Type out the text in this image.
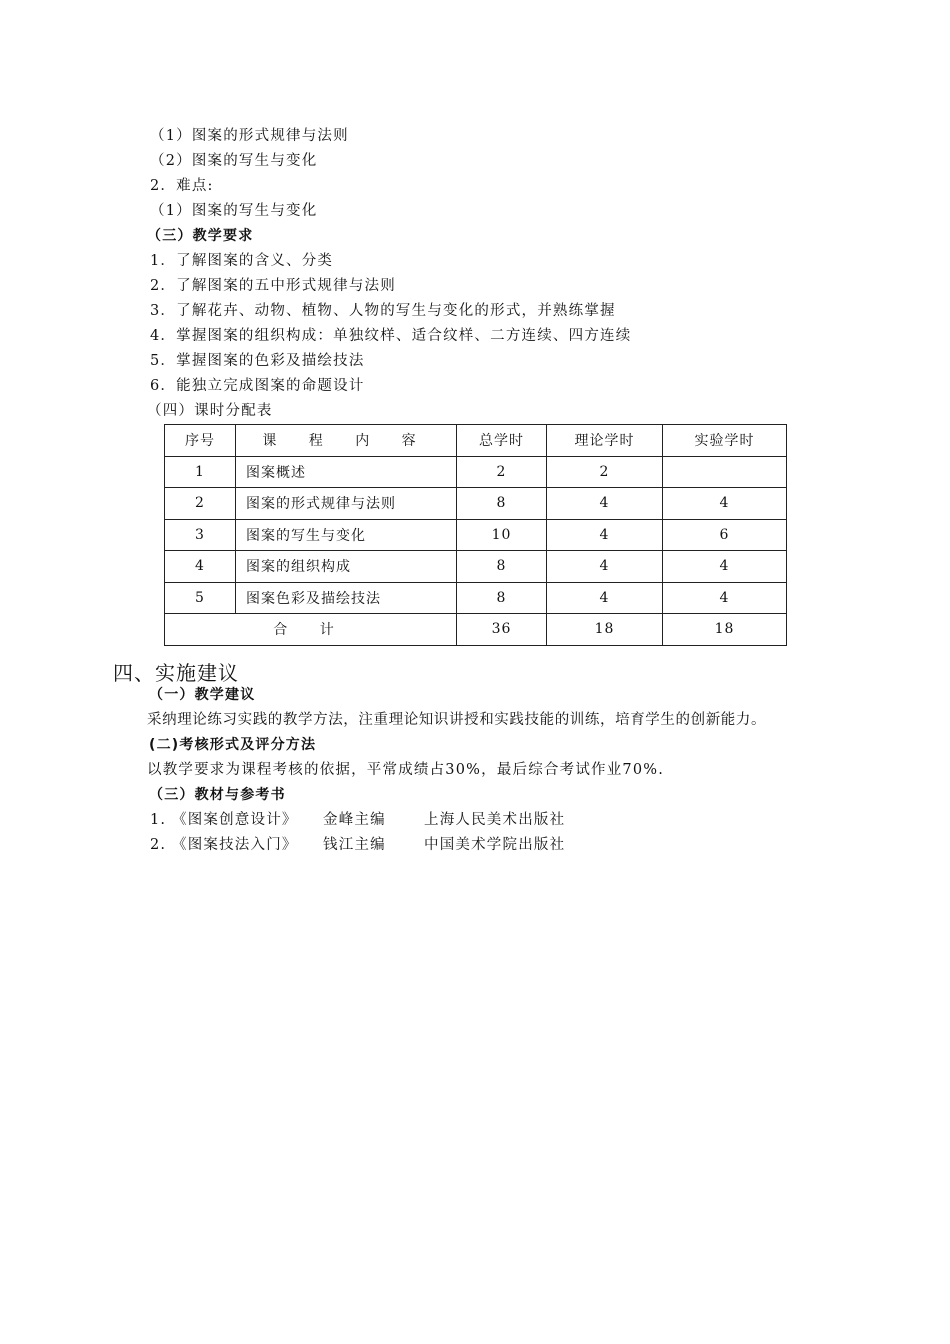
（1）图案的形式规律与法则
（2）图案的写生与变化
2．难点:
（1）图案的写生与变化
（三）教学要求
1．了解图案的含义、分类
2．了解图案的五中形式规律与法则
3．了解花卉、动物、植物、人物的写生与变化的形式，并熟练掌握
4．掌握图案的组织构成：单独纹样、适合纹样、二方连续、四方连续
5．掌握图案的色彩及描绘技法
6．能独立完成图案的命题设计
（四）课时分配表
序号	课 程 内 容	总学时	理论学时	实验学时
1	图案概述	2	2	
2	图案的形式规律与法则	8	4	4
3	图案的写生与变化	10	4	6
4	图案的组织构成	8	4	4
5	图案色彩及描绘技法	8	4	4
合 计		36	18	18
四、实施建议
（一）教学建议
采纳理论练习实践的教学方法，注重理论知识讲授和实践技能的训练，培育学生的创新能力。
(二)考核形式及评分方法
以教学要求为课程考核的依据，平常成绩占30%，最后综合考试作业70%.
（三）教材与参考书
1. 《图案创意设计》 金峰主编	上海人民美术出版社
2. 《图案技法入门》 钱江主编	中国美术学院出版社
